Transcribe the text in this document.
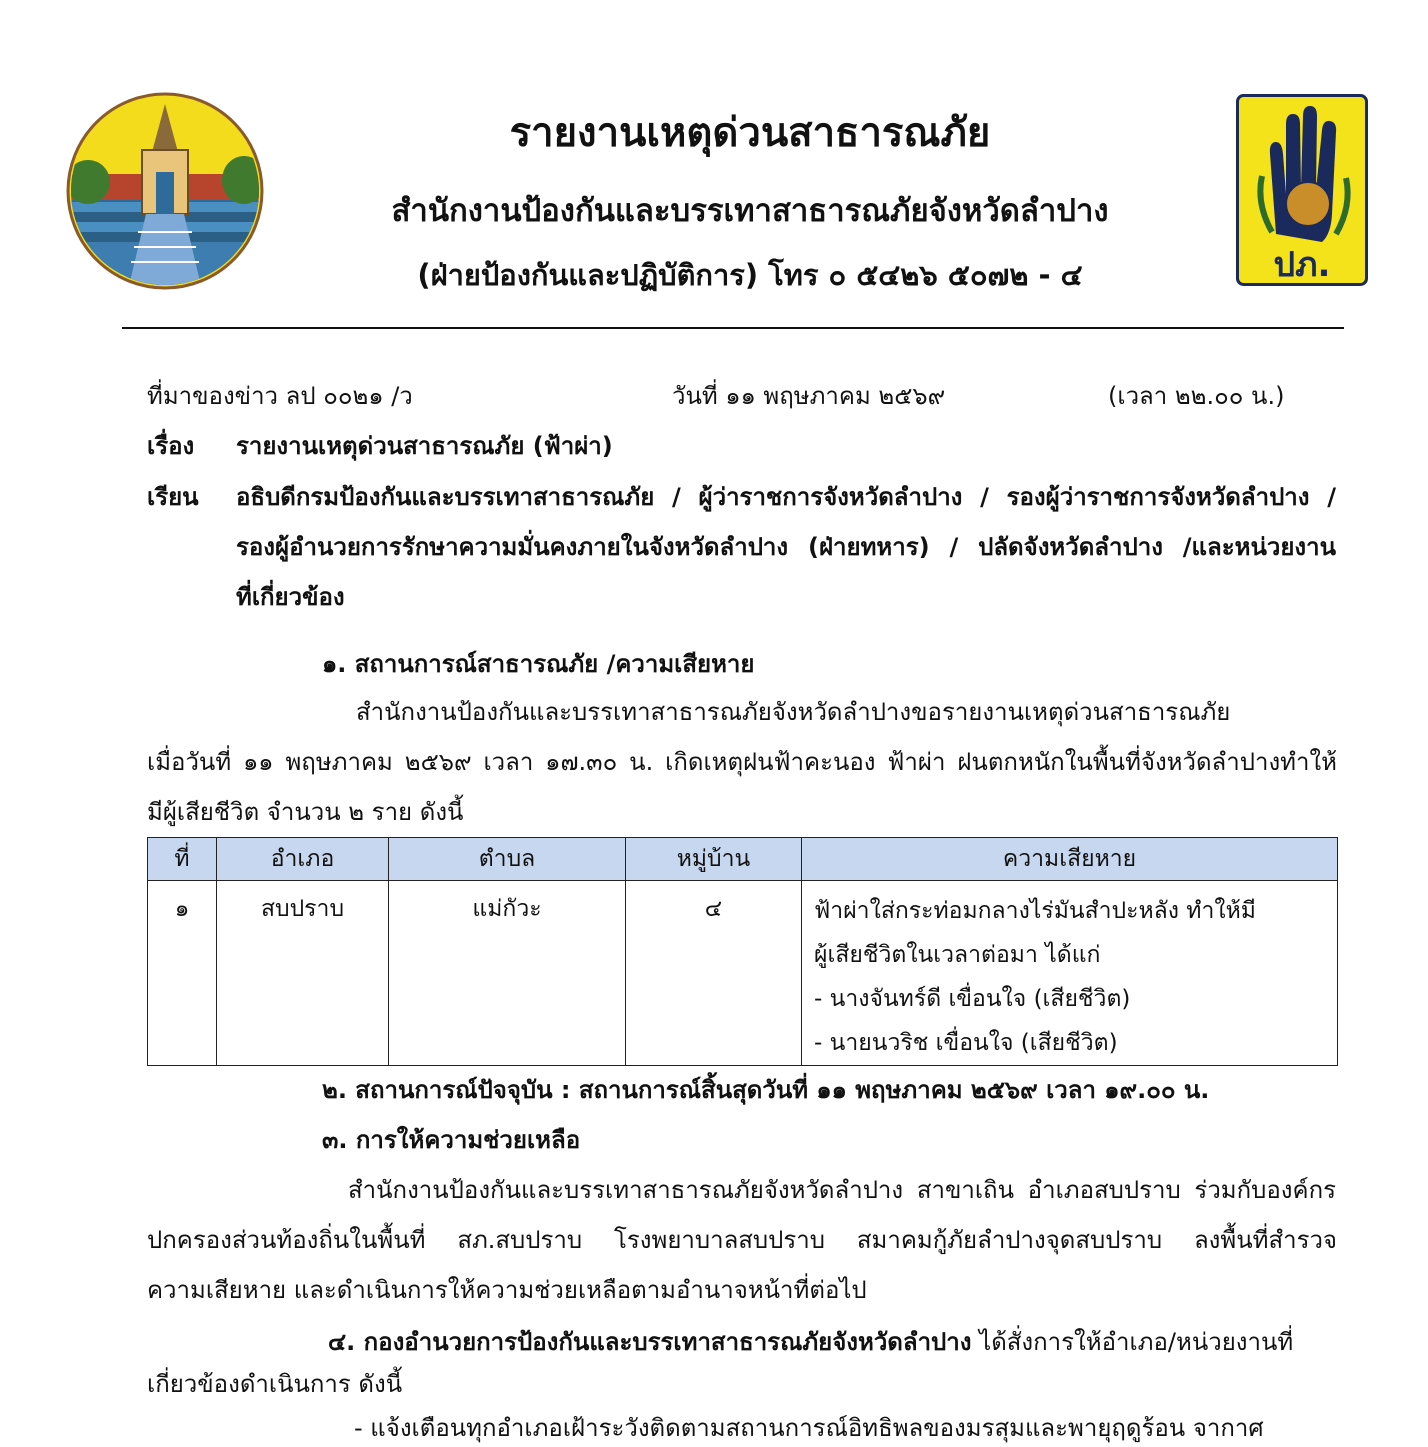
ปภ.
รายงานเหตุด่วนสาธารณภัย
สำนักงานป้องกันและบรรเทาสาธารณภัยจังหวัดลำปาง
(ฝ่ายป้องกันและปฏิบัติการ) โทร ๐ ๕๔๒๖ ๕๐๗๒ - ๔
ที่มาของข่าว ลป ๐๐๒๑ /ว	วันที่ ๑๑ พฤษภาคม ๒๕๖๙	(เวลา ๒๒.๐๐ น.)
เรื่อง รายงานเหตุด่วนสาธารณภัย (ฟ้าผ่า)
เรียน อธิบดีกรมป้องกันและบรรเทาสาธารณภัย / ผู้ว่าราชการจังหวัดลำปาง / รองผู้ว่าราชการจังหวัดลำปาง /
รองผู้อำนวยการรักษาความมั่นคงภายในจังหวัดลำปาง (ฝ่ายทหาร) / ปลัดจังหวัดลำปาง /และหน่วยงาน
ที่เกี่ยวข้อง
๑. สถานการณ์สาธารณภัย /ความเสียหาย
สำนักงานป้องกันและบรรเทาสาธารณภัยจังหวัดลำปางขอรายงานเหตุด่วนสาธารณภัย
เมื่อวันที่ ๑๑ พฤษภาคม ๒๕๖๙ เวลา ๑๗.๓๐ น. เกิดเหตุฝนฟ้าคะนอง ฟ้าผ่า ฝนตกหนักในพื้นที่จังหวัดลำปางทำให้
มีผู้เสียชีวิต จำนวน ๒ ราย ดังนี้
ที่	อำเภอ	ตำบล	หมู่บ้าน	ความเสียหาย
๑	สบปราบ	แม่กัวะ	๔	ฟ้าผ่าใส่กระท่อมกลางไร่มันสำปะหลัง ทำให้มี
ผู้เสียชีวิตในเวลาต่อมา ได้แก่
- นางจันทร์ดี เขื่อนใจ (เสียชีวิต)
- นายนวริช เขื่อนใจ (เสียชีวิต)
๒. สถานการณ์ปัจจุบัน : สถานการณ์สิ้นสุดวันที่ ๑๑ พฤษภาคม ๒๕๖๙ เวลา ๑๙.๐๐ น.
๓. การให้ความช่วยเหลือ
สำนักงานป้องกันและบรรเทาสาธารณภัยจังหวัดลำปาง สาขาเถิน อำเภอสบปราบ ร่วมกับองค์กร
ปกครองส่วนท้องถิ่นในพื้นที่ สภ.สบปราบ โรงพยาบาลสบปราบ สมาคมกู้ภัยลำปางจุดสบปราบ ลงพื้นที่สำรวจ
ความเสียหาย และดำเนินการให้ความช่วยเหลือตามอำนาจหน้าที่ต่อไป
๔. กองอำนวยการป้องกันและบรรเทาสาธารณภัยจังหวัดลำปาง ได้สั่งการให้อำเภอ/หน่วยงานที่
เกี่ยวข้องดำเนินการ ดังนี้
- แจ้งเตือนทุกอำเภอเฝ้าระวังติดตามสถานการณ์อิทธิพลของมรสุมและพายุฤดูร้อน จากาศ
